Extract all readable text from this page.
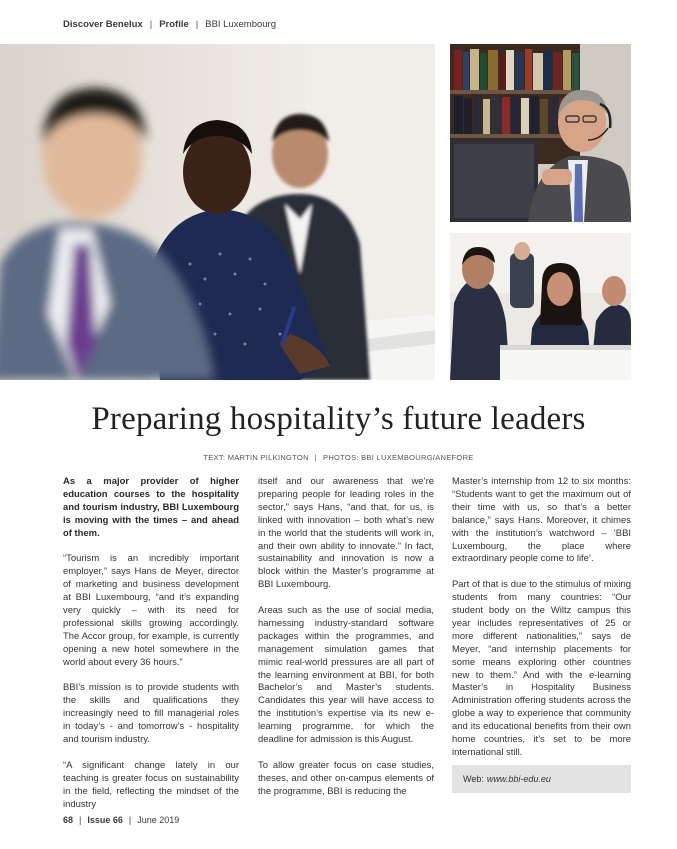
Discover Benelux | Profile | BBI Luxembourg
Preparing hospitality’s future leaders
TEXT: MARTIN PILKINGTON | PHOTOS: BBI LUXEMBOURG/ANEFORE

As a major provider of higher education courses to the hospitality and tourism industry, BBI Luxembourg is moving with the times – and ahead of them.

“Tourism is an incredibly important employer,” says Hans de Meyer, director of marketing and business development at BBI Luxembourg, “and it’s expanding very quickly – with its need for professional skills growing accordingly. The Accor group, for example, is currently opening a new hotel somewhere in the world about every 36 hours.”

BBI’s mission is to provide students with the skills and qualifications they increasingly need to fill managerial roles in today’s - and tomorrow’s - hospitality and tourism industry.

“A significant change lately in our teaching is greater focus on sustainability in the field, reflecting the mindset of the industry

itself and our awareness that we’re preparing people for leading roles in the sector,” says Hans, “and that, for us, is linked with innovation – both what’s new in the world that the students will work in, and their own ability to innovate.” In fact, sustainability and innovation is now a block within the Master’s programme at BBI Luxembourg.

Areas such as the use of social media, harnessing industry-standard software packages within the programmes, and management simulation games that mimic real-world pressures are all part of the learning environment at BBI, for both Bachelor’s and Master’s students. Candidates this year will have access to the institution’s expertise via its new e-learning programme, for which the deadline for admission is this August.

To allow greater focus on case studies, theses, and other on-campus elements of the programme, BBI is reducing the

Master’s internship from 12 to six months: “Students want to get the maximum out of their time with us, so that’s a better balance,” says Hans. Moreover, it chimes with the institution’s watchword – ‘BBI Luxembourg, the place where extraordinary people come to life’.

Part of that is due to the stimulus of mixing students from many countries: “Our student body on the Wiltz campus this year includes representatives of 25 or more different nationalities,” says de Meyer, “and internship placements for some means exploring other countries new to them.” And with the e-learning Master’s in Hospitality Business Administration offering students across the globe a way to experience that community and its educational benefits from their own home countries, it’s set to be more international still.

Web: www.bbi-edu.eu
68 | Issue 66 | June 2019
